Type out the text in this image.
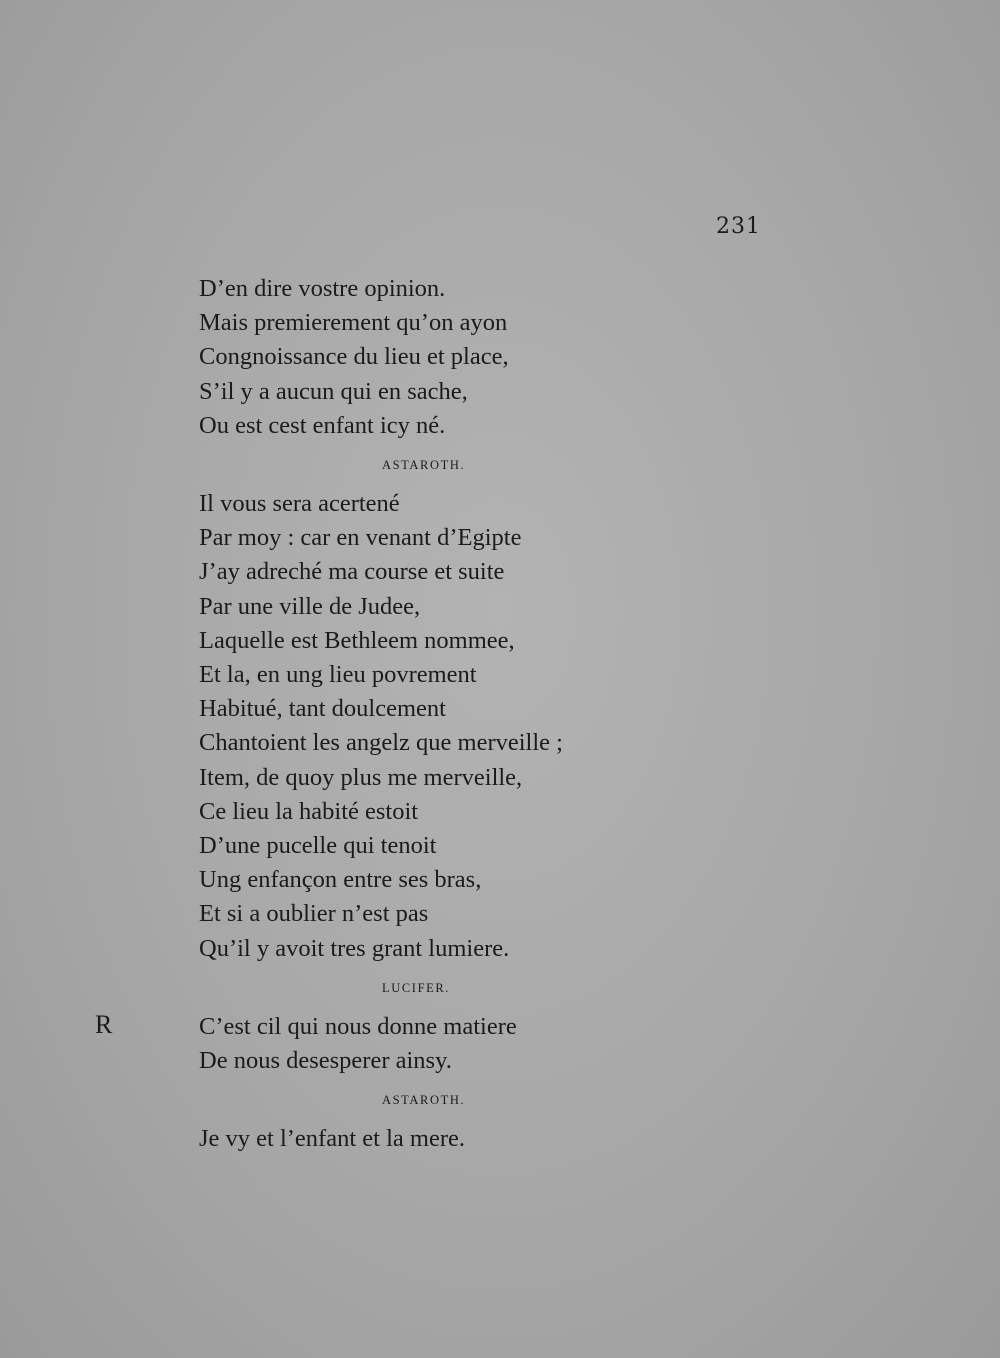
231
R
D’en dire vostre opinion.
Mais premierement qu’on ayon
Congnoissance du lieu et place,
S’il y a aucun qui en sache,
Ou est cest enfant icy né.
ASTAROTH.
Il vous sera acertené
Par moy : car en venant d’Egipte
J’ay adreché ma course et suite
Par une ville de Judee,
Laquelle est Bethleem nommee,
Et la, en ung lieu povrement
Habitué, tant doulcement
Chantoient les angelz que merveille ;
Item, de quoy plus me merveille,
Ce lieu la habité estoit
D’une pucelle qui tenoit
Ung enfançon entre ses bras,
Et si a oublier n’est pas
Qu’il y avoit tres grant lumiere.
LUCIFER.
C’est cil qui nous donne matiere
De nous desesperer ainsy.
ASTAROTH.
Je vy et l’enfant et la mere.
